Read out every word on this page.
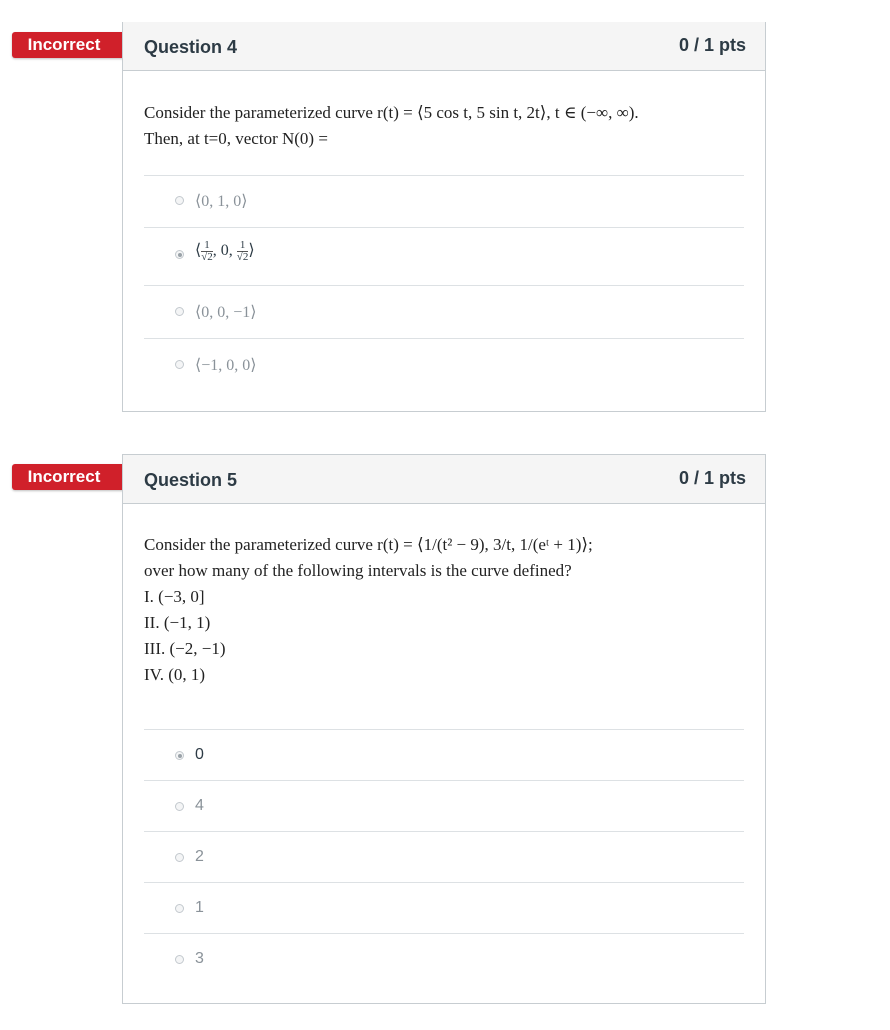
Incorrect	Question 4	0 / 1 pts
Consider the parameterized curve r(t) = ⟨5 cos t, 5 sin t, 2t⟩, t ∈ (−∞, ∞).
Then, at t=0, vector N(0) =
⟨0, 1, 0⟩
⟨ $\frac{1}{√2}$ , 0, $\frac{1}{√2}$ ⟩
⟨0, 0, −1⟩
⟨−1, 0, 0⟩
Incorrect	Question 5	0 / 1 pts
Consider the parameterized curve r(t) = ⟨1/(t² − 9), 3/t, 1/(eᵗ + 1)⟩;
over how many of the following intervals is the curve defined?
I. (−3, 0]
II. (−1, 1)
III. (−2, −1)
IV. (0, 1)
0
4
2
1
3
